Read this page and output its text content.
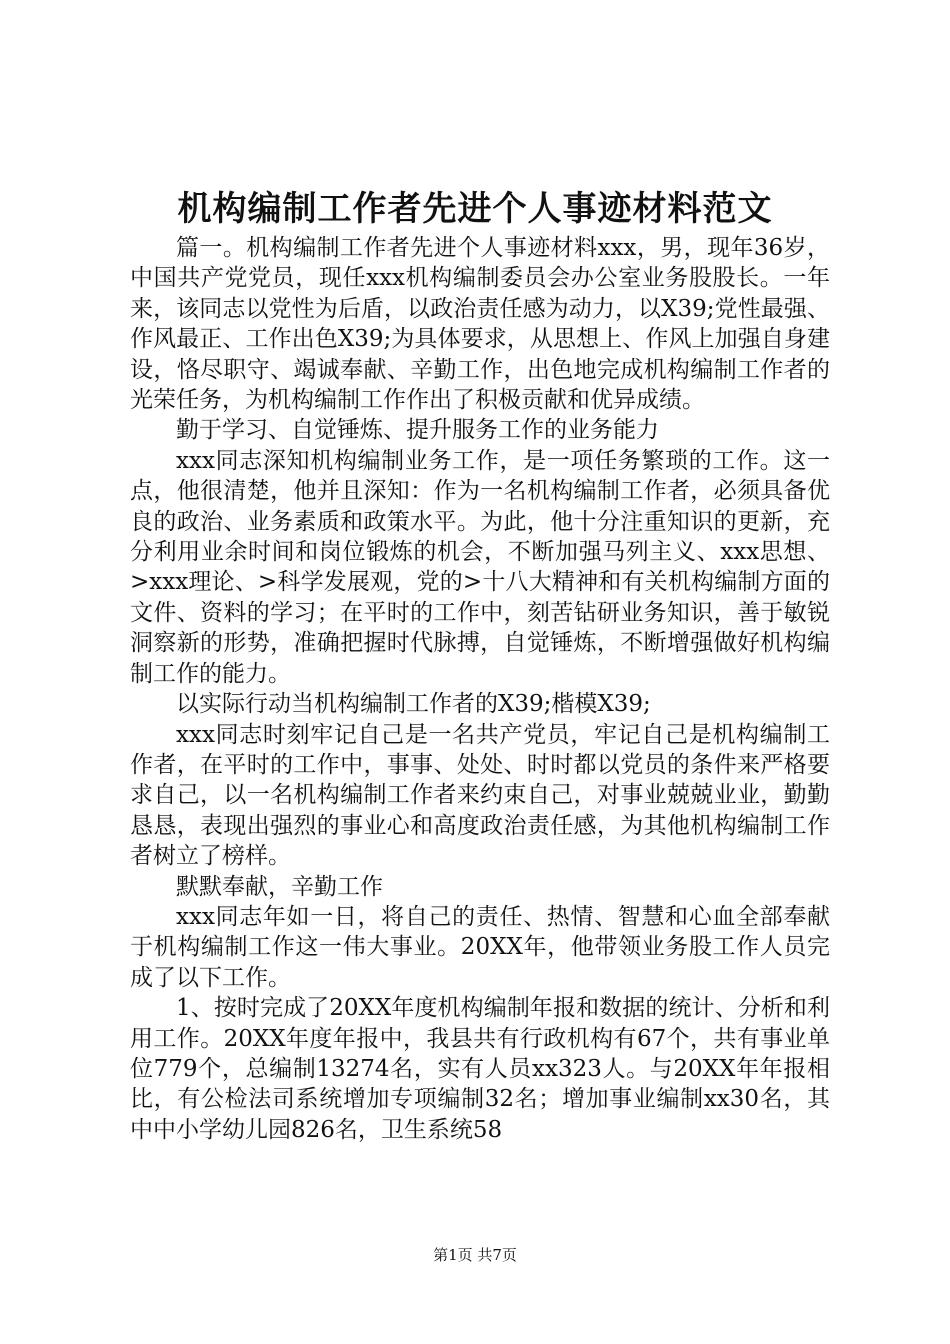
机构编制工作者先进个人事迹材料范文

篇一。机构编制工作者先进个人事迹材料xxx，男，现年36岁，中国共产党党员，现任xxx机构编制委员会办公室业务股股长。一年来，该同志以党性为后盾，以政治责任感为动力，以X39;党性最强、作风最正、工作出色X39;为具体要求，从思想上、作风上加强自身建设，恪尽职守、竭诚奉献、辛勤工作，出色地完成机构编制工作者的光荣任务，为机构编制工作作出了积极贡献和优异成绩。

勤于学习、自觉锤炼、提升服务工作的业务能力

xxx同志深知机构编制业务工作，是一项任务繁琐的工作。这一点，他很清楚，他并且深知：作为一名机构编制工作者，必须具备优良的政治、业务素质和政策水平。为此，他十分注重知识的更新，充分利用业余时间和岗位锻炼的机会，不断加强马列主义、xxx思想、>xxx理论、>科学发展观，党的>十八大精神和有关机构编制方面的文件、资料的学习；在平时的工作中，刻苦钻研业务知识，善于敏锐洞察新的形势，准确把握时代脉搏，自觉锤炼，不断增强做好机构编制工作的能力。

以实际行动当机构编制工作者的X39;楷模X39;

xxx同志时刻牢记自己是一名共产党员，牢记自己是机构编制工作者，在平时的工作中，事事、处处、时时都以党员的条件来严格要求自己，以一名机构编制工作者来约束自己，对事业兢兢业业，勤勤恳恳，表现出强烈的事业心和高度政治责任感，为其他机构编制工作者树立了榜样。

默默奉献，辛勤工作

xxx同志年如一日，将自己的责任、热情、智慧和心血全部奉献于机构编制工作这一伟大事业。20XX年，他带领业务股工作人员完成了以下工作。

1、按时完成了20XX年度机构编制年报和数据的统计、分析和利用工作。20XX年度年报中，我县共有行政机构有67个，共有事业单位779个，总编制13274名，实有人员xx323人。与20XX年年报相比，有公检法司系统增加专项编制32名；增加事业编制xx30名，其中中小学幼儿园826名，卫生系统58

第1页 共7页
